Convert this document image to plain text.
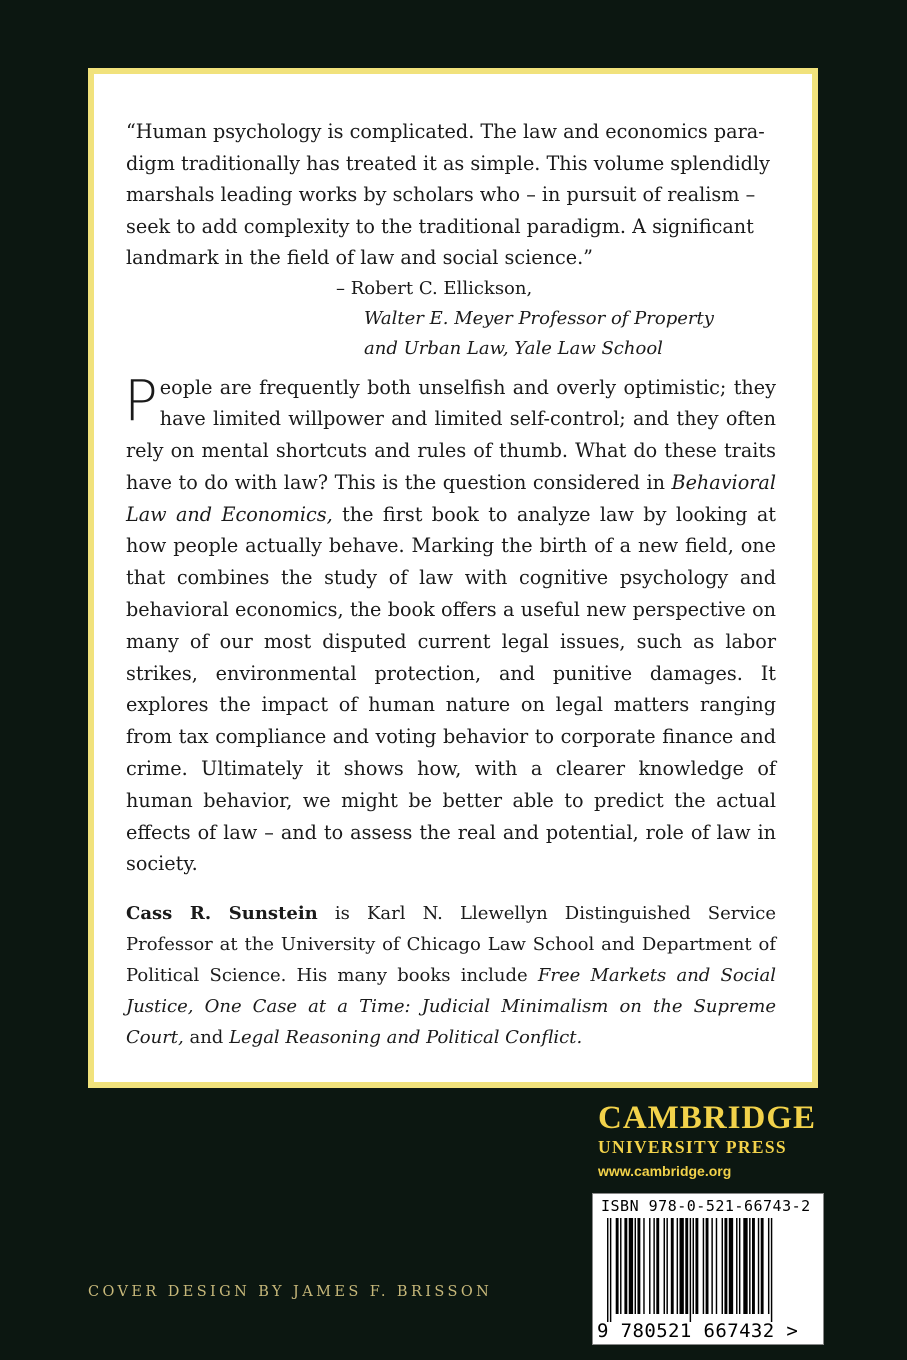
“Human psychology is complicated. The law and economics para-

digm traditionally has treated it as simple. This volume splendidly

marshals leading works by scholars who – in pursuit of realism –

seek to add complexity to the traditional paradigm. A significant

landmark in the field of law and social science.”

– Robert C. Ellickson,
Walter E. Meyer Professor of Property
and Urban Law, Yale Law School
People are frequently both unselfish and overly optimistic; they have limited willpower and limited self-control; and they often rely on mental shortcuts and rules of thumb. What do these traits have to do with law? This is the question considered in Behavioral Law and Economics, the first book to analyze law by looking at how people actually behave. Marking the birth of a new field, one that combines the study of law with cognitive psychology and behavioral economics, the book offers a useful new perspective on many of our most disputed current legal issues, such as labor strikes, environmental protection, and punitive damages. It explores the impact of human nature on legal matters ranging from tax compliance and voting behavior to corporate finance and crime. Ultimately it shows how, with a clearer knowledge of human behavior, we might be better able to predict the actual effects of law – and to assess the real and potential, role of law in society.
Cass R. Sunstein is Karl N. Llewellyn Distinguished Service Professor at the University of Chicago Law School and Department of Political Science. His many books include Free Markets and Social Justice, One Case at a Time: Judicial Minimalism on the Supreme Court, and Legal Reasoning and Political Conflict.
CAMBRIDGE
UNIVERSITY PRESS
www.cambridge.org
ISBN 978-0-521-66743-2
9 780521 667432 >
COVER DESIGN BY JAMES F. BRISSON
